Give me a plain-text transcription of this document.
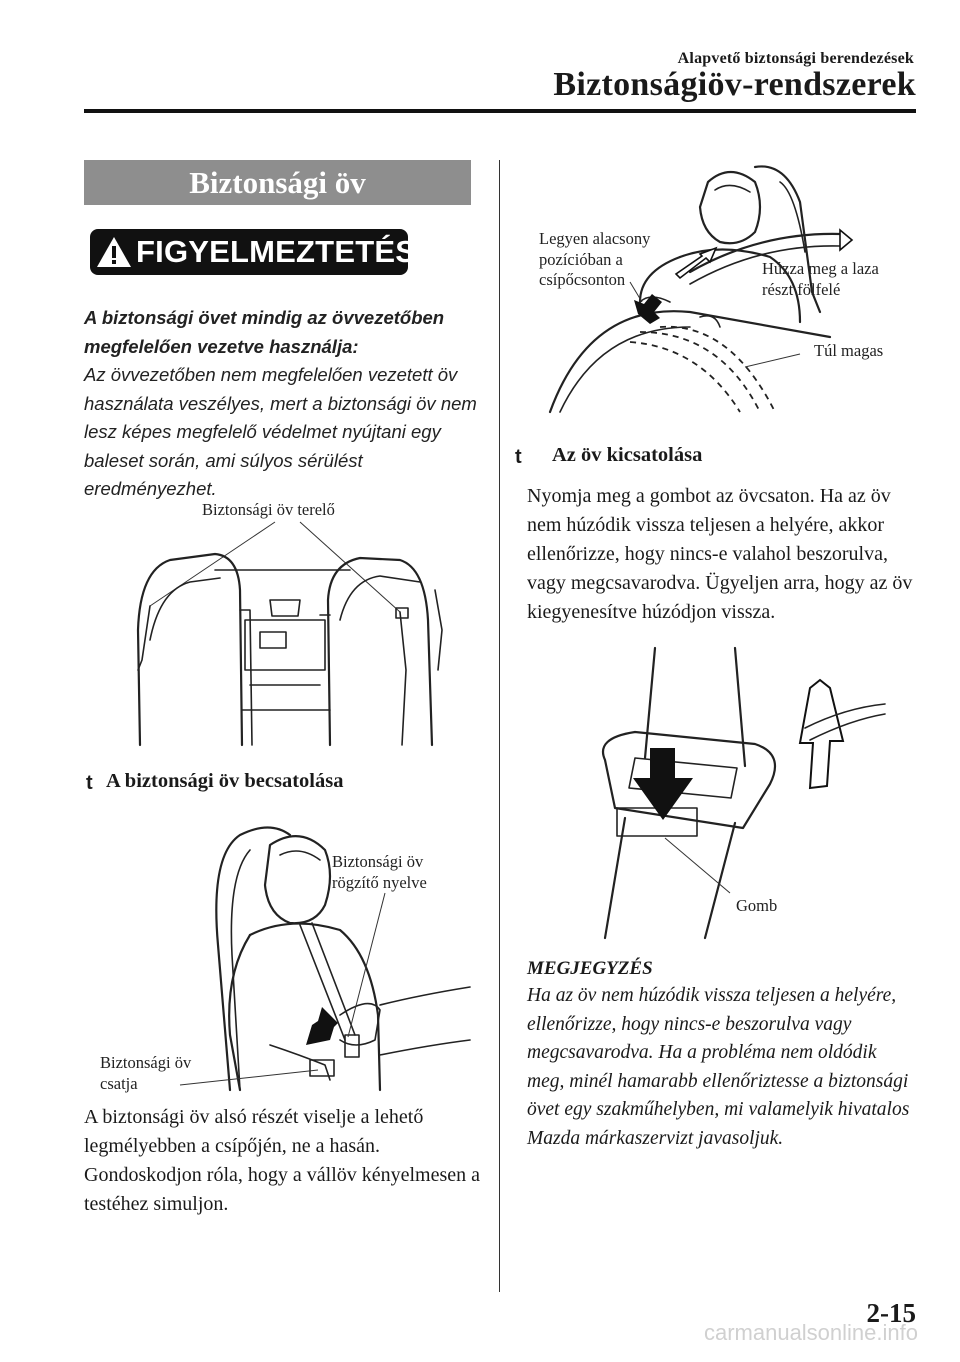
Alapvető biztonsági berendezések
Biztonságiöv-rendszerek
Biztonsági öv
FIGYELMEZTETÉS
A biztonsági övet mindig az övvezetőben megfelelően vezetve használja:
Az övvezetőben nem megfelelően vezetett öv használata veszélyes, mert a biztonsági öv nem lesz képes megfelelő védelmet nyújtani egy baleset során, ami súlyos sérülést eredményezhet.
Biztonsági öv terelő
t A biztonsági öv becsatolása
Biztonsági öv
rögzítő nyelve
Biztonsági öv
csatja
A biztonsági öv alsó részét viselje a lehető legmélyebben a csípőjén, ne a hasán. Gondoskodjon róla, hogy a vállöv kényelmesen a testéhez simuljon.
Legyen alacsony
pozícióban a
csípőcsonton
Húzza meg a laza
részt fölfelé
Túl magas
t Az öv kicsatolása
Nyomja meg a gombot az övcsaton. Ha az öv nem húzódik vissza teljesen a helyére, akkor ellenőrizze, hogy nincs-e valahol beszorulva, vagy megcsavarodva. Ügyeljen arra, hogy az öv kiegyenesítve húzódjon vissza.
Gomb
MEGJEGYZÉS
Ha az öv nem húzódik vissza teljesen a helyére, ellenőrizze, hogy nincs-e beszorulva vagy megcsavarodva. Ha a probléma nem oldódik meg, minél hamarabb ellenőriztesse a biztonsági övet egy szakműhelyben, mi valamelyik hivatalos Mazda márkaszervizt javasoljuk.
2-15
carmanualsonline.info
